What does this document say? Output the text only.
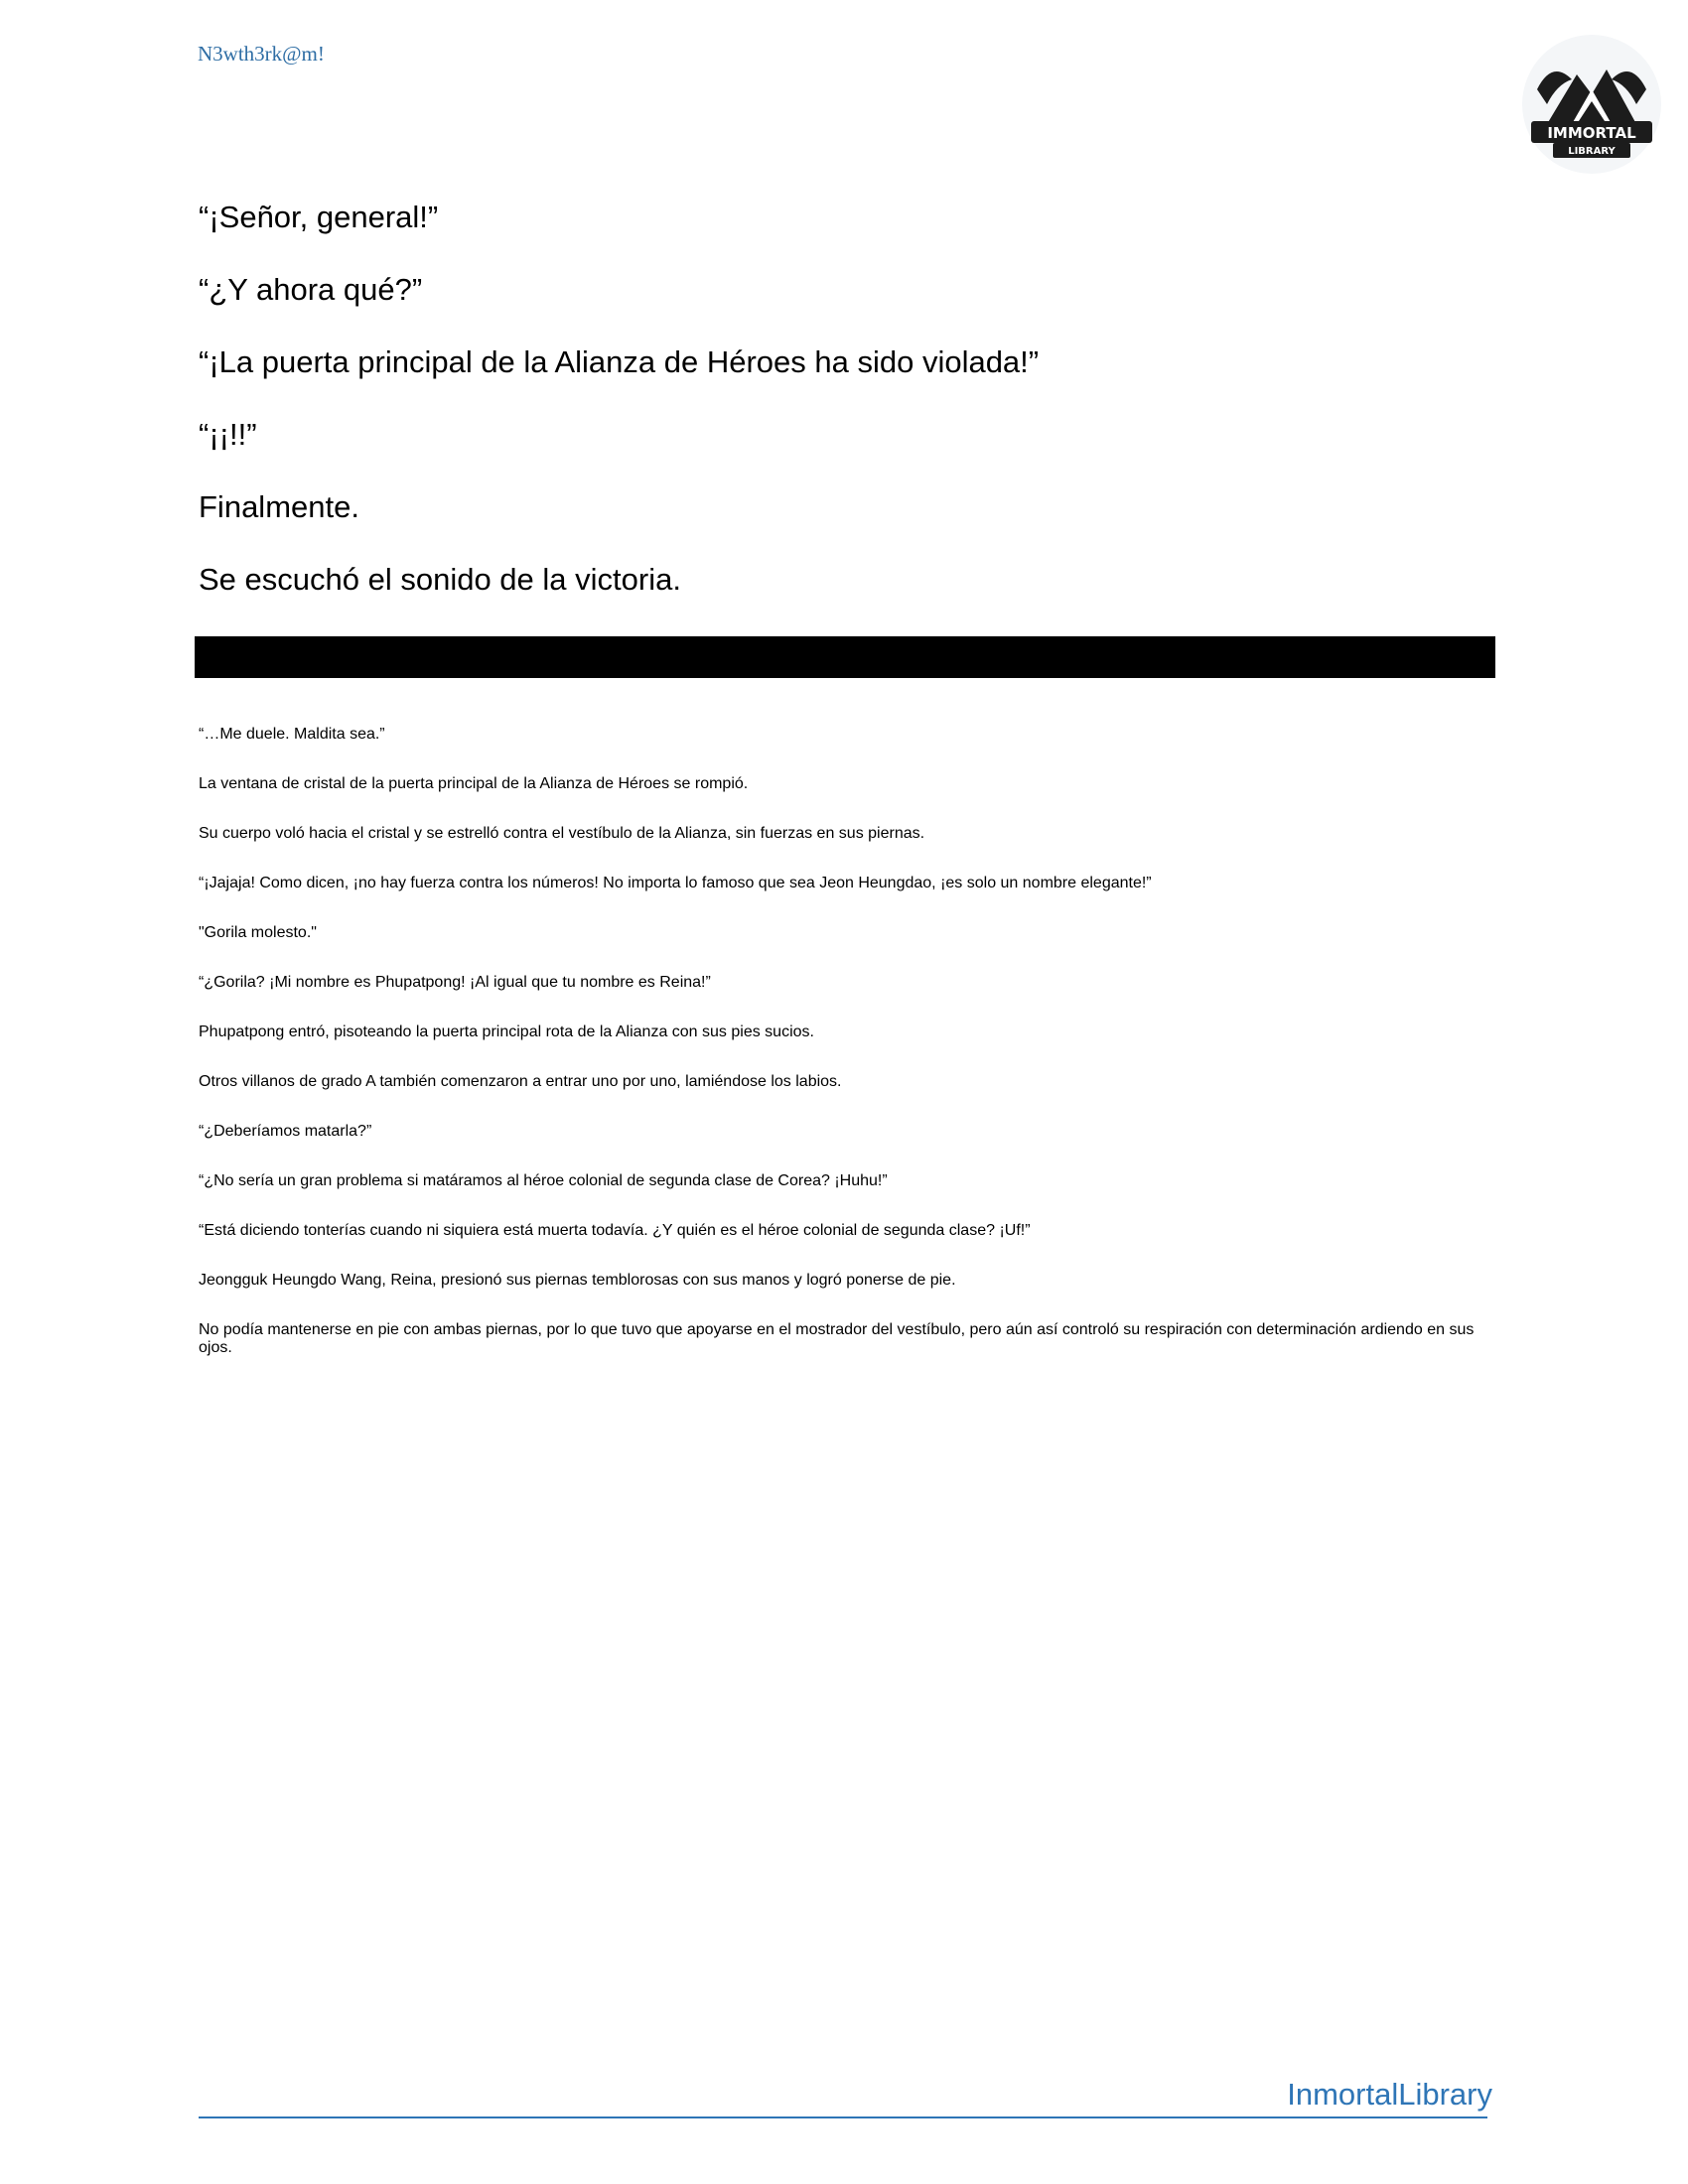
N3wth3rk@m!
IMMORTAL
LIBRARY

“¡Señor, general!”

“¿Y ahora qué?”

“¡La puerta principal de la Alianza de Héroes ha sido violada!”

“¡¡!!”

Finalmente.

Se escuchó el sonido de la victoria.

“…Me duele. Maldita sea.”

La ventana de cristal de la puerta principal de la Alianza de Héroes se rompió.

Su cuerpo voló hacia el cristal y se estrelló contra el vestíbulo de la Alianza, sin fuerzas en sus piernas.

“¡Jajaja! Como dicen, ¡no hay fuerza contra los números! No importa lo famoso que sea Jeon Heungdao, ¡es solo un nombre elegante!”

"Gorila molesto."

“¿Gorila? ¡Mi nombre es Phupatpong! ¡Al igual que tu nombre es Reina!”

Phupatpong entró, pisoteando la puerta principal rota de la Alianza con sus pies sucios.

Otros villanos de grado A también comenzaron a entrar uno por uno, lamiéndose los labios.

“¿Deberíamos matarla?”

“¿No sería un gran problema si matáramos al héroe colonial de segunda clase de Corea? ¡Huhu!”

“Está diciendo tonterías cuando ni siquiera está muerta todavía. ¿Y quién es el héroe colonial de segunda clase? ¡Uf!”

Jeongguk Heungdo Wang, Reina, presionó sus piernas temblorosas con sus manos y logró ponerse de pie.

No podía mantenerse en pie con ambas piernas, por lo que tuvo que apoyarse en el mostrador del vestíbulo, pero aún así controló su respiración con determinación ardiendo en sus ojos.

InmortalLibrary
